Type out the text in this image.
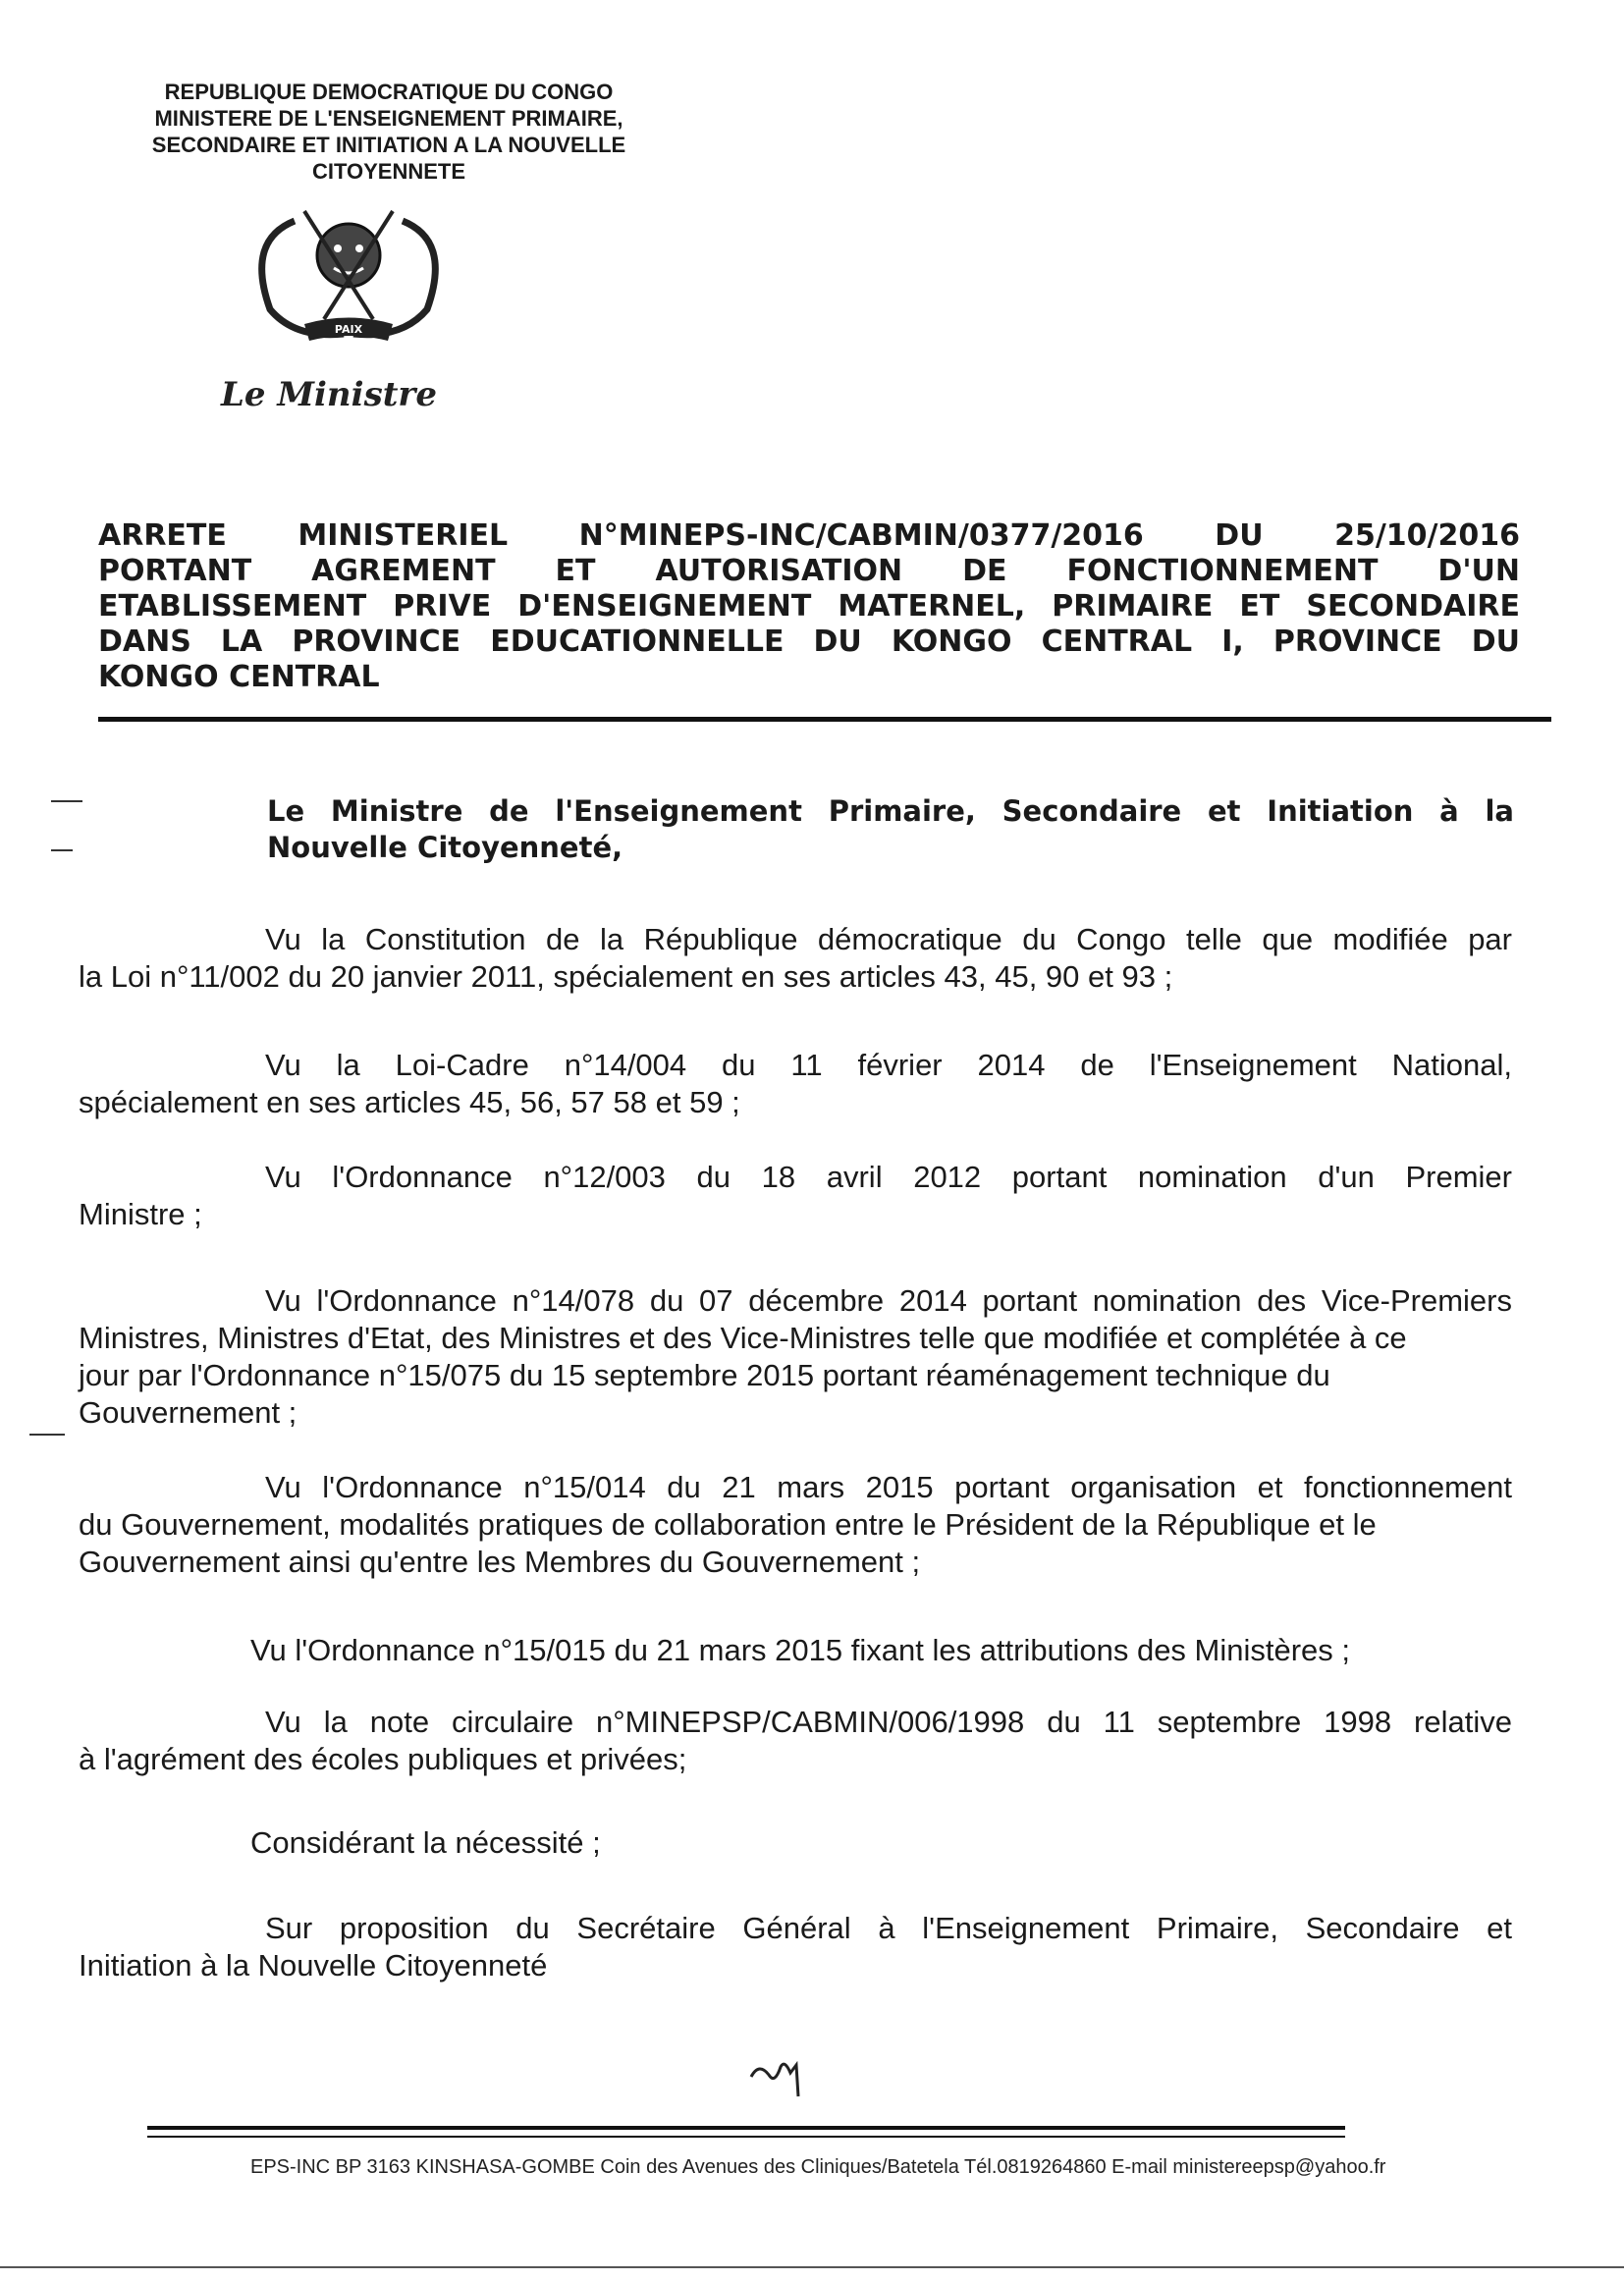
REPUBLIQUE DEMOCRATIQUE DU CONGO
MINISTERE DE L'ENSEIGNEMENT PRIMAIRE,
SECONDAIRE ET INITIATION A LA NOUVELLE
CITOYENNETE
PAIX
Le Ministre
ARRETE MINISTERIEL N°MINEPS-INC/CABMIN/0377/2016 DU 25/10/2016
PORTANT AGREMENT ET AUTORISATION DE FONCTIONNEMENT D'UN
ETABLISSEMENT PRIVE D'ENSEIGNEMENT MATERNEL, PRIMAIRE ET SECONDAIRE
DANS LA PROVINCE EDUCATIONNELLE DU KONGO CENTRAL I, PROVINCE DU
KONGO CENTRAL
Le Ministre de l'Enseignement Primaire, Secondaire et Initiation à la
Nouvelle Citoyenneté,
Vu la Constitution de la République démocratique du Congo telle que modifiée par
la Loi n°11/002 du 20 janvier 2011, spécialement en ses articles 43, 45, 90 et 93 ;
Vu la Loi-Cadre n°14/004 du 11 février 2014 de l'Enseignement National,
spécialement en ses articles 45, 56, 57 58 et 59 ;
Vu l'Ordonnance n°12/003 du 18 avril 2012 portant nomination d'un Premier
Ministre ;
Vu l'Ordonnance n°14/078 du 07 décembre 2014 portant nomination des Vice-Premiers
Ministres, Ministres d'Etat, des Ministres et des Vice-Ministres telle que modifiée et complétée à ce
jour par l'Ordonnance n°15/075 du 15 septembre 2015 portant réaménagement technique du
Gouvernement ;
Vu l'Ordonnance n°15/014 du 21 mars 2015 portant organisation et fonctionnement
du Gouvernement, modalités pratiques de collaboration entre le Président de la République et le
Gouvernement ainsi qu'entre les Membres du Gouvernement ;
Vu l'Ordonnance n°15/015 du 21 mars 2015 fixant les attributions des Ministères ;
Vu la note circulaire n°MINEPSP/CABMIN/006/1998 du 11 septembre 1998 relative
à l'agrément des écoles publiques et privées;
Considérant la nécessité ;
Sur proposition du Secrétaire Général à l'Enseignement Primaire, Secondaire et
Initiation à la Nouvelle Citoyenneté
EPS-INC BP 3163 KINSHASA-GOMBE Coin des Avenues des Cliniques/Batetela Tél.0819264860 E-mail ministereepsp@yahoo.fr
